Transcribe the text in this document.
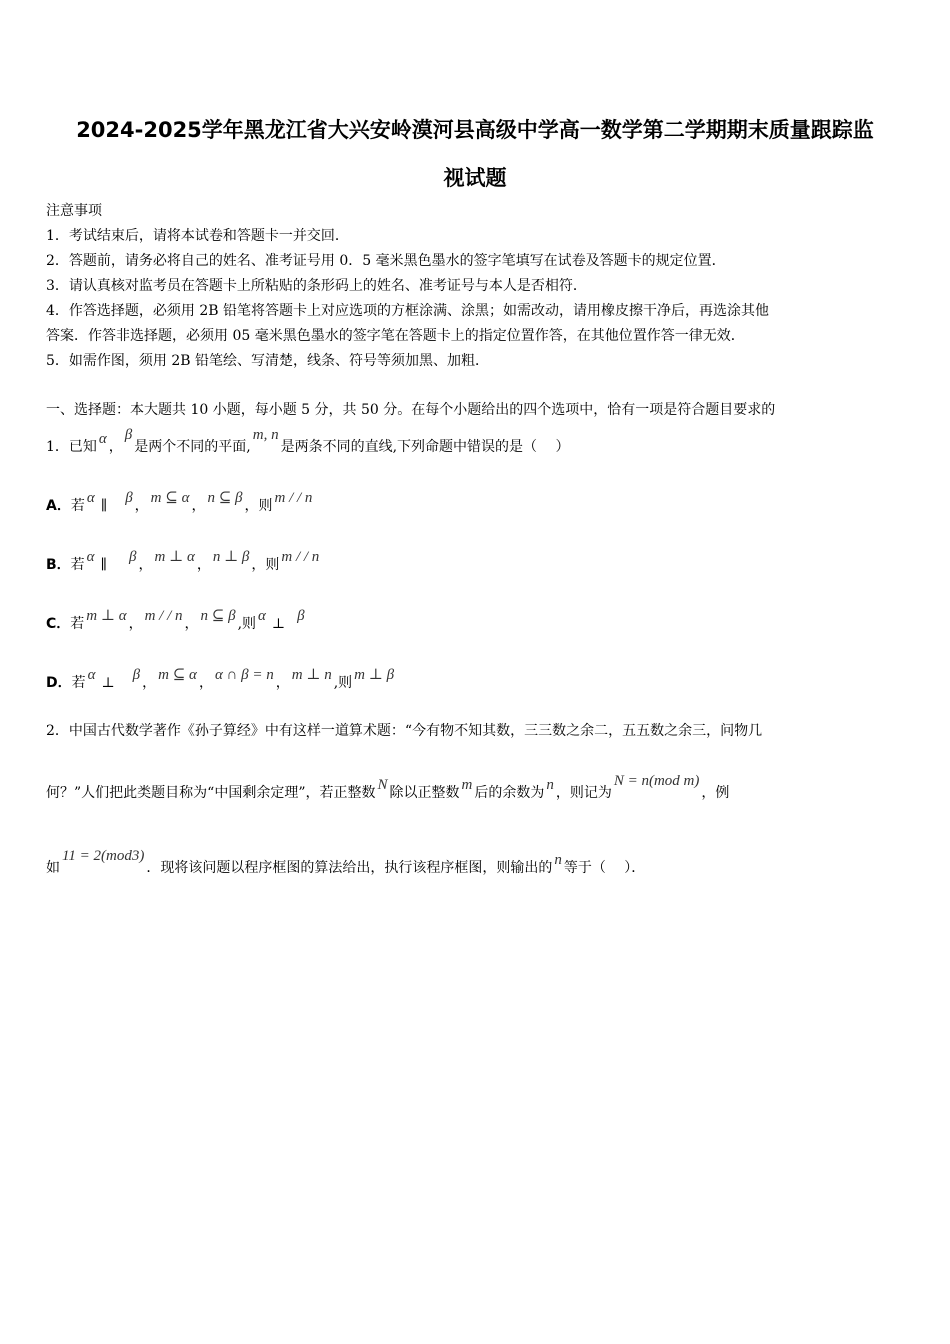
2024-2025学年黑龙江省大兴安岭漠河县高级中学高一数学第二学期期末质量跟踪监
视试题
注意事项
1．考试结束后，请将本试卷和答题卡一并交回．
2．答题前，请务必将自己的姓名、准考证号用 0．5 毫米黑色墨水的签字笔填写在试卷及答题卡的规定位置．
3．请认真核对监考员在答题卡上所粘贴的条形码上的姓名、准考证号与本人是否相符．
4．作答选择题，必须用 2B 铅笔将答题卡上对应选项的方框涂满、涂黑；如需改动，请用橡皮擦干净后，再选涂其他
答案．作答非选择题，必须用 05 毫米黑色墨水的签字笔在答题卡上的指定位置作答，在其他位置作答一律无效．
5．如需作图，须用 2B 铅笔绘、写清楚，线条、符号等须加黑、加粗．
一、选择题：本大题共 10 小题，每小题 5 分，共 50 分。在每个小题给出的四个选项中，恰有一项是符合题目要求的
1．已知 α ，β是两个不同的平面,m, n是两条不同的直线,下列命题中错误的是（　 ）
A．若 α ∥ β ， m ⊆ α ， n ⊆ β ，则 m / / n
B．若 α ∥ β ， m ⊥ α ， n ⊥ β ，则 m / / n
C．若 m ⊥ α ， m / / n ， n ⊆ β ,则 α ⊥ β
D．若 α ⊥ β ， m ⊆ α ， α ∩ β = n ， m ⊥ n ,则 m ⊥ β
2．中国古代数学著作《孙子算经》中有这样一道算术题：“今有物不知其数，三三数之余二，五五数之余三，问物几
何？”人们把此类题目称为“中国剩余定理”，若正整数 N 除以正整数 m 后的余数为 n ，则记为N = n(mod m)，例
如11 = 2(mod3)．现将该问题以程序框图的算法给出，执行该程序框图，则输出的 n 等于（　 ）．
